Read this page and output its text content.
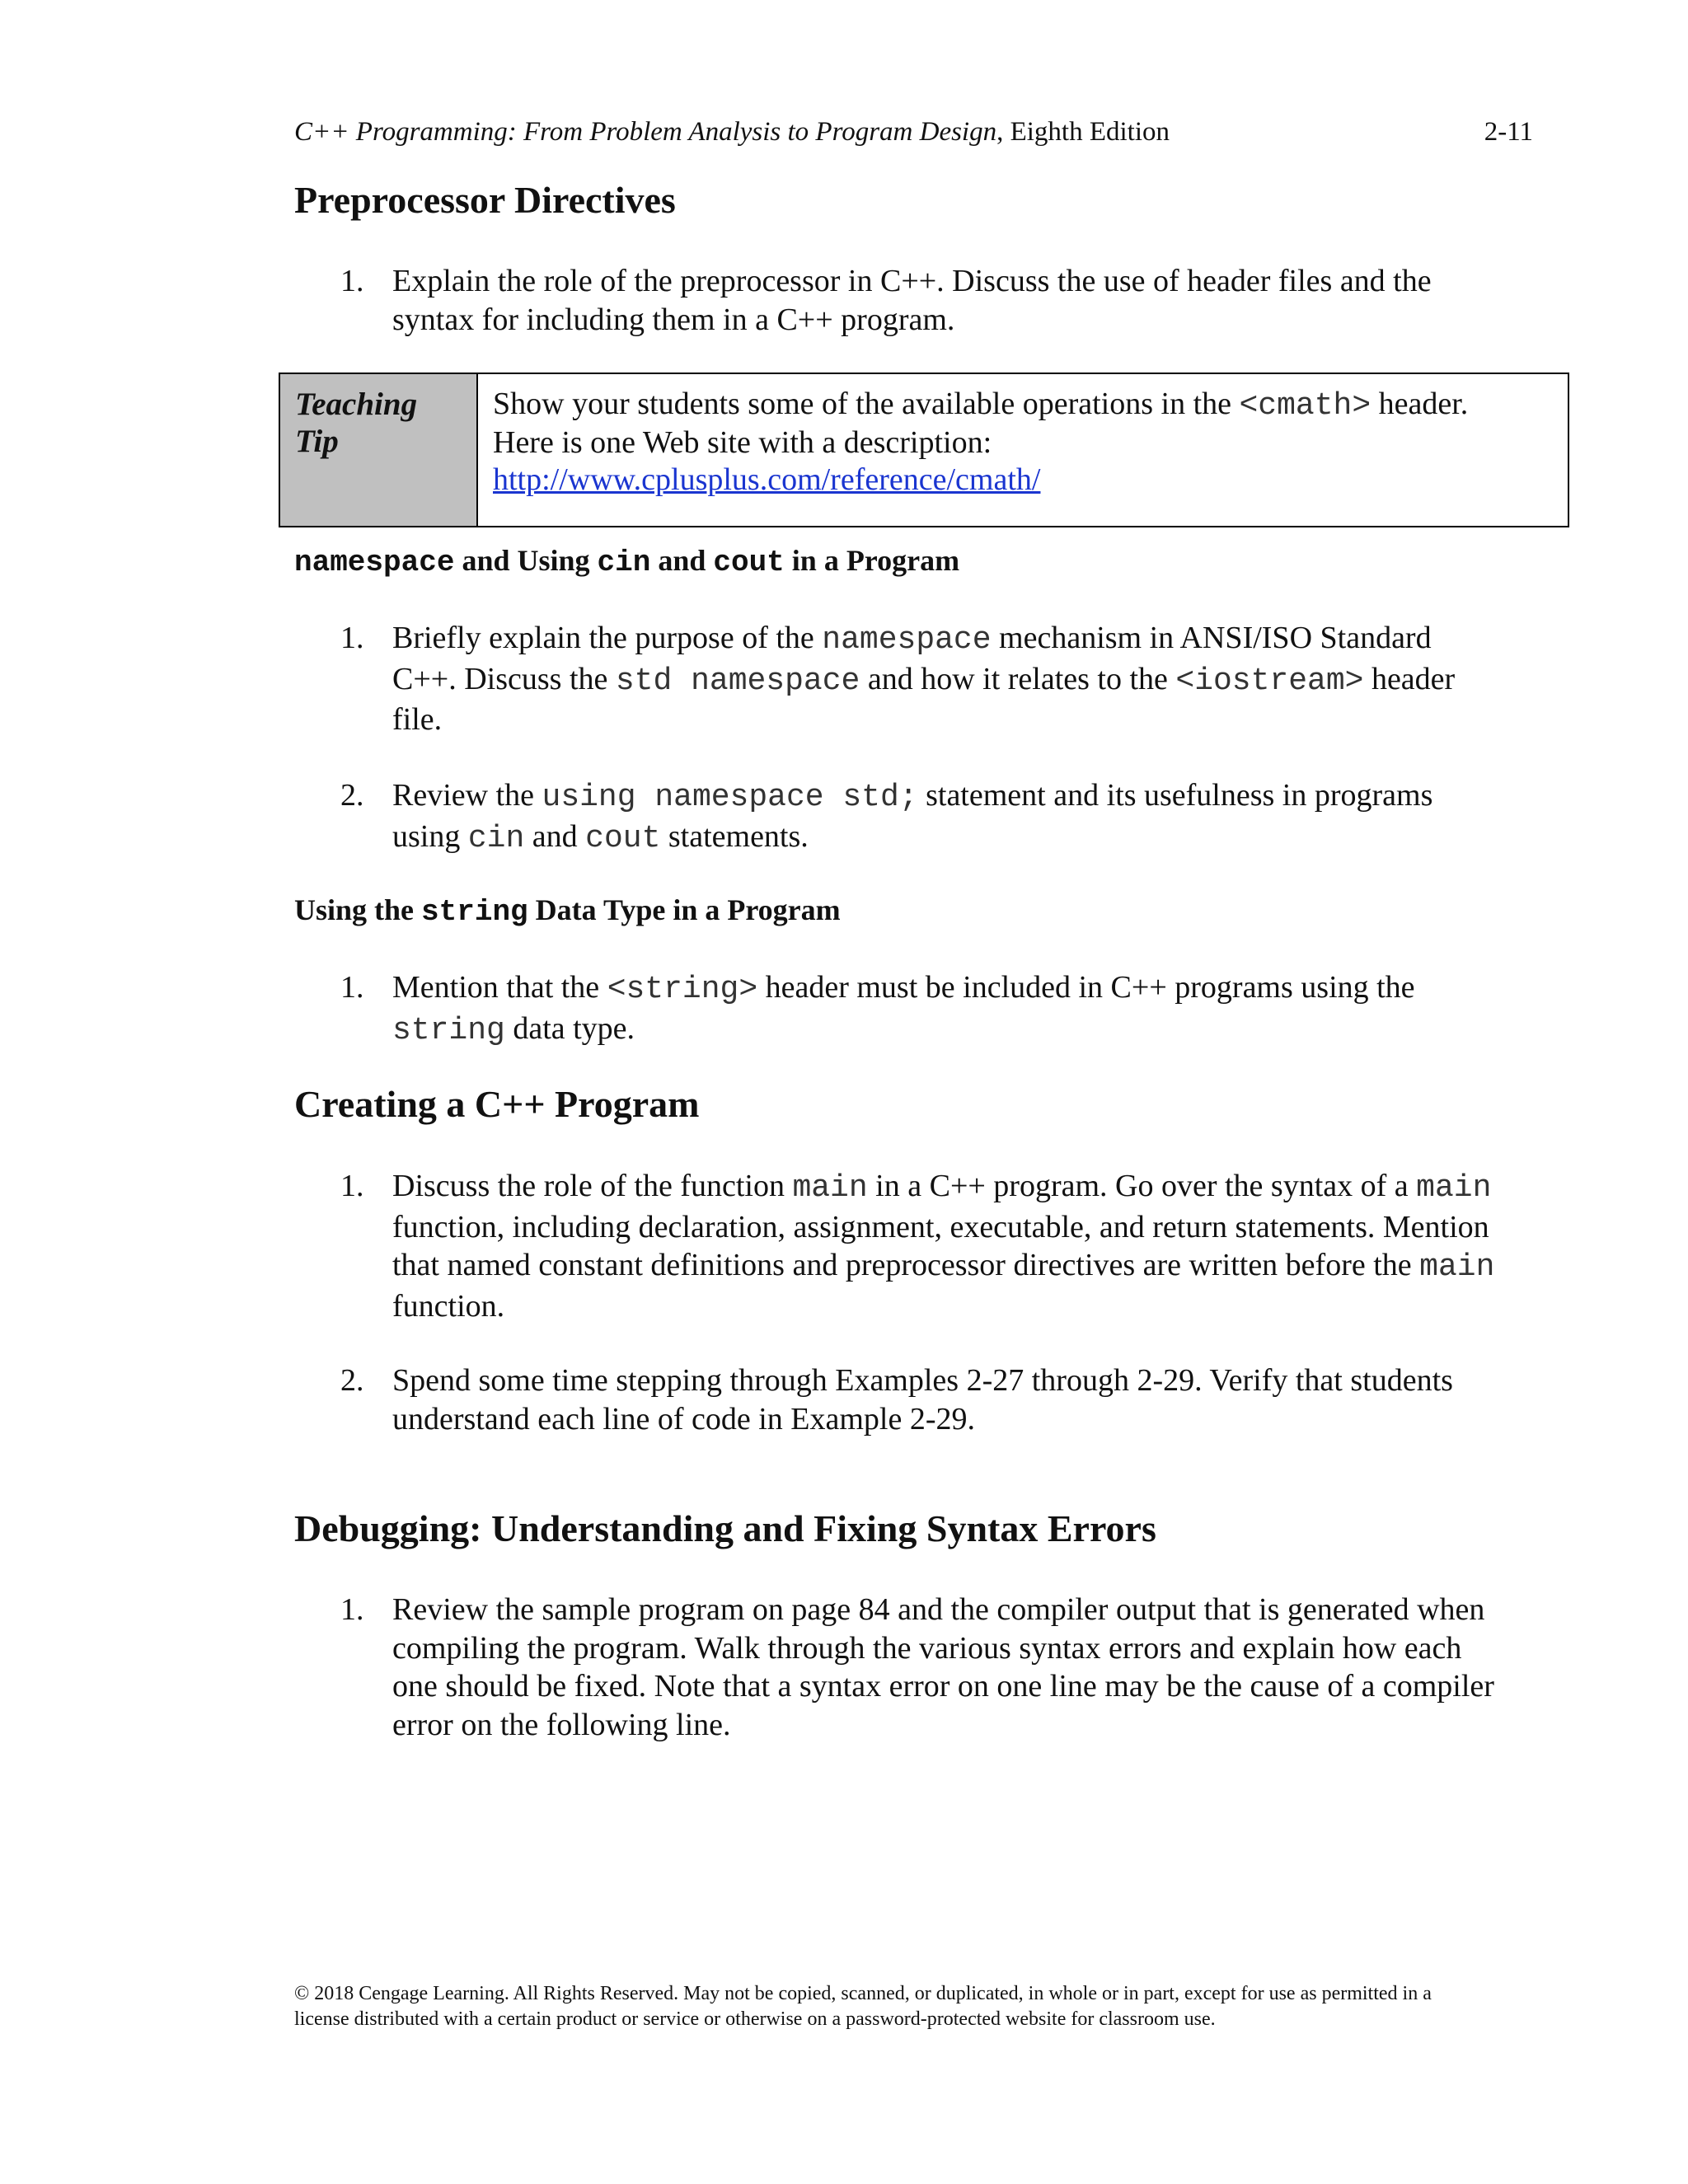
C++ Programming: From Problem Analysis to Program Design, Eighth Edition	2-11
Preprocessor Directives
1. Explain the role of the preprocessor in C++. Discuss the use of header files and the
syntax for including them in a C++ program.
Teaching
Tip
Show your students some of the available operations in the <cmath> header.
Here is one Web site with a description:
http://www.cplusplus.com/reference/cmath/
namespace and Using cin and cout in a Program
1. Briefly explain the purpose of the namespace mechanism in ANSI/ISO Standard
C++. Discuss the std namespace and how it relates to the <iostream> header
file.
2. Review the using namespace std; statement and its usefulness in programs
using cin and cout statements.
Using the string Data Type in a Program
1. Mention that the <string> header must be included in C++ programs using the
string data type.
Creating a C++ Program
1. Discuss the role of the function main in a C++ program. Go over the syntax of a main
function, including declaration, assignment, executable, and return statements. Mention
that named constant definitions and preprocessor directives are written before the main
function.
2. Spend some time stepping through Examples 2-27 through 2-29. Verify that students
understand each line of code in Example 2-29.
Debugging: Understanding and Fixing Syntax Errors
1. Review the sample program on page 84 and the compiler output that is generated when
compiling the program. Walk through the various syntax errors and explain how each
one should be fixed. Note that a syntax error on one line may be the cause of a compiler
error on the following line.
© 2018 Cengage Learning. All Rights Reserved. May not be copied, scanned, or duplicated, in whole or in part, except for use as permitted in a
license distributed with a certain product or service or otherwise on a password-protected website for classroom use.
